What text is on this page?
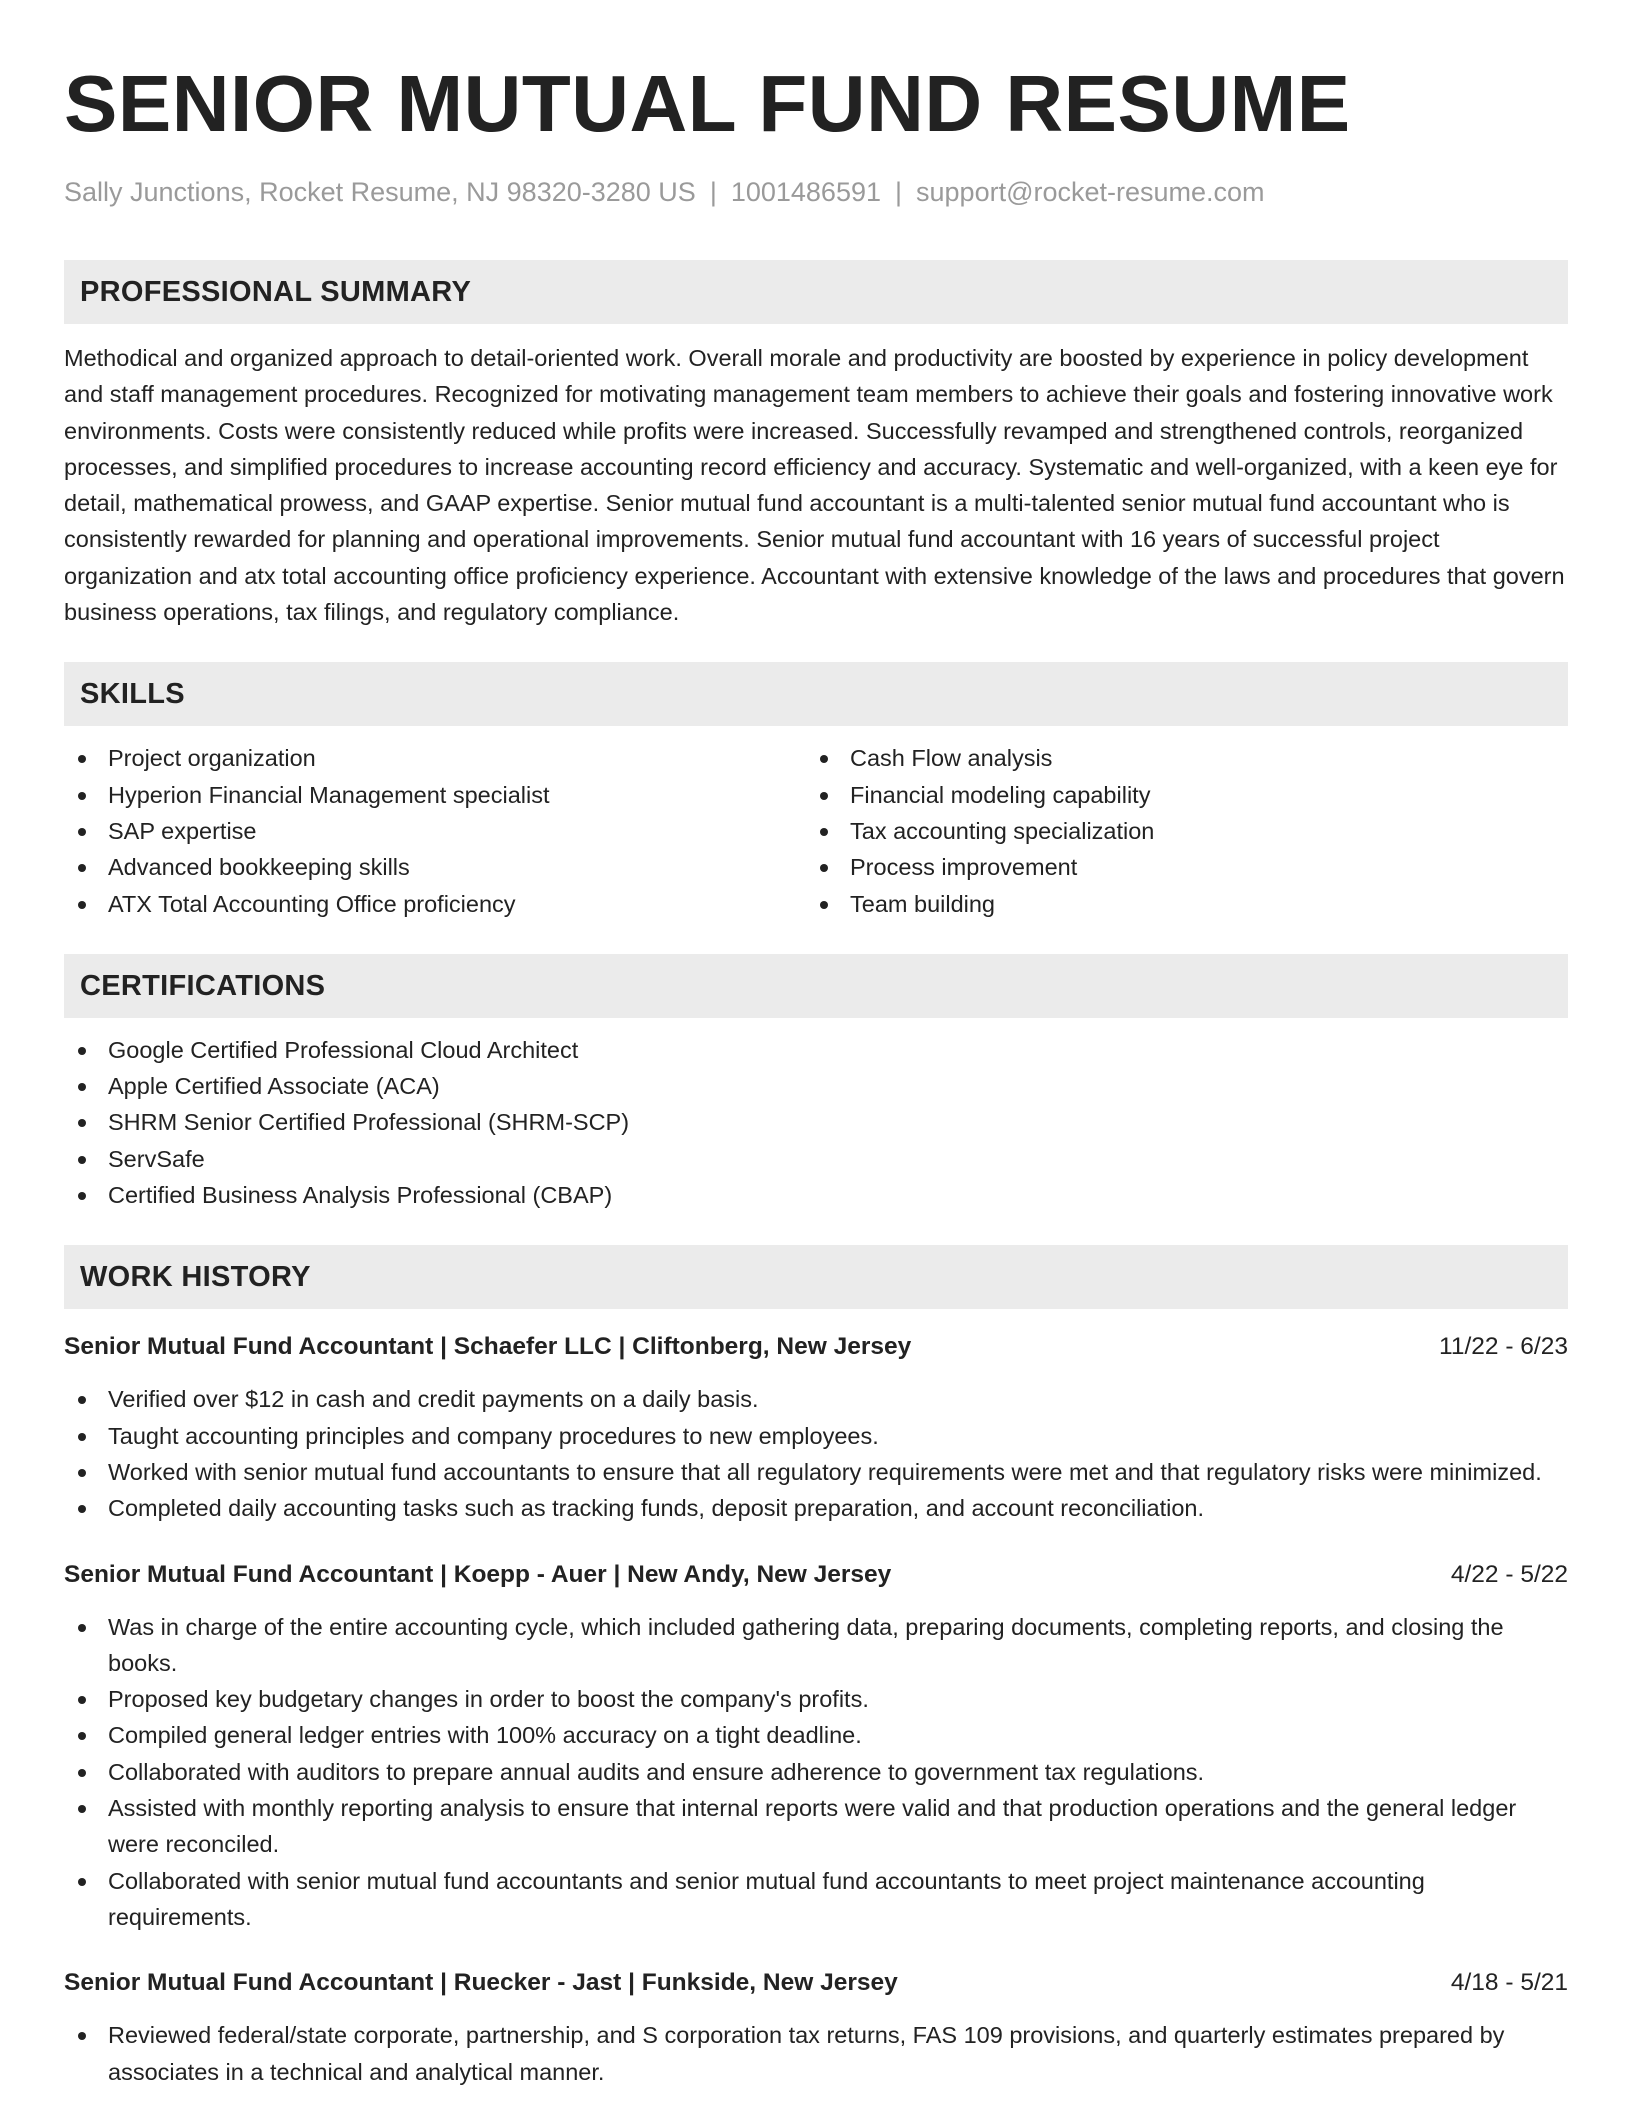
SENIOR MUTUAL FUND RESUME
Sally Junctions, Rocket Resume, NJ 98320-3280 US | 1001486591 | support@rocket-resume.com
PROFESSIONAL SUMMARY

Methodical and organized approach to detail-oriented work. Overall morale and productivity are boosted by experience in policy development and staff management procedures. Recognized for motivating management team members to achieve their goals and fostering innovative work environments. Costs were consistently reduced while profits were increased. Successfully revamped and strengthened controls, reorganized processes, and simplified procedures to increase accounting record efficiency and accuracy. Systematic and well-organized, with a keen eye for detail, mathematical prowess, and GAAP expertise. Senior mutual fund accountant is a multi-talented senior mutual fund accountant who is consistently rewarded for planning and operational improvements. Senior mutual fund accountant with 16 years of successful project organization and atx total accounting office proficiency experience. Accountant with extensive knowledge of the laws and procedures that govern business operations, tax filings, and regulatory compliance.

SKILLS
Project organization
Hyperion Financial Management specialist
SAP expertise
Advanced bookkeeping skills
ATX Total Accounting Office proficiency
Cash Flow analysis
Financial modeling capability
Tax accounting specialization
Process improvement
Team building
CERTIFICATIONS
Google Certified Professional Cloud Architect
Apple Certified Associate (ACA)
SHRM Senior Certified Professional (SHRM-SCP)
ServSafe
Certified Business Analysis Professional (CBAP)
WORK HISTORY
Senior Mutual Fund Accountant | Schaefer LLC | Cliftonberg, New Jersey	11/22 - 6/23
Verified over $12 in cash and credit payments on a daily basis.
Taught accounting principles and company procedures to new employees.
Worked with senior mutual fund accountants to ensure that all regulatory requirements were met and that regulatory risks were minimized.
Completed daily accounting tasks such as tracking funds, deposit preparation, and account reconciliation.
Senior Mutual Fund Accountant | Koepp - Auer | New Andy, New Jersey	4/22 - 5/22
Was in charge of the entire accounting cycle, which included gathering data, preparing documents, completing reports, and closing the books.
Proposed key budgetary changes in order to boost the company's profits.
Compiled general ledger entries with 100% accuracy on a tight deadline.
Collaborated with auditors to prepare annual audits and ensure adherence to government tax regulations.
Assisted with monthly reporting analysis to ensure that internal reports were valid and that production operations and the general ledger were reconciled.
Collaborated with senior mutual fund accountants and senior mutual fund accountants to meet project maintenance accounting requirements.
Senior Mutual Fund Accountant | Ruecker - Jast | Funkside, New Jersey	4/18 - 5/21
Reviewed federal/state corporate, partnership, and S corporation tax returns, FAS 109 provisions, and quarterly estimates prepared by associates in a technical and analytical manner.
